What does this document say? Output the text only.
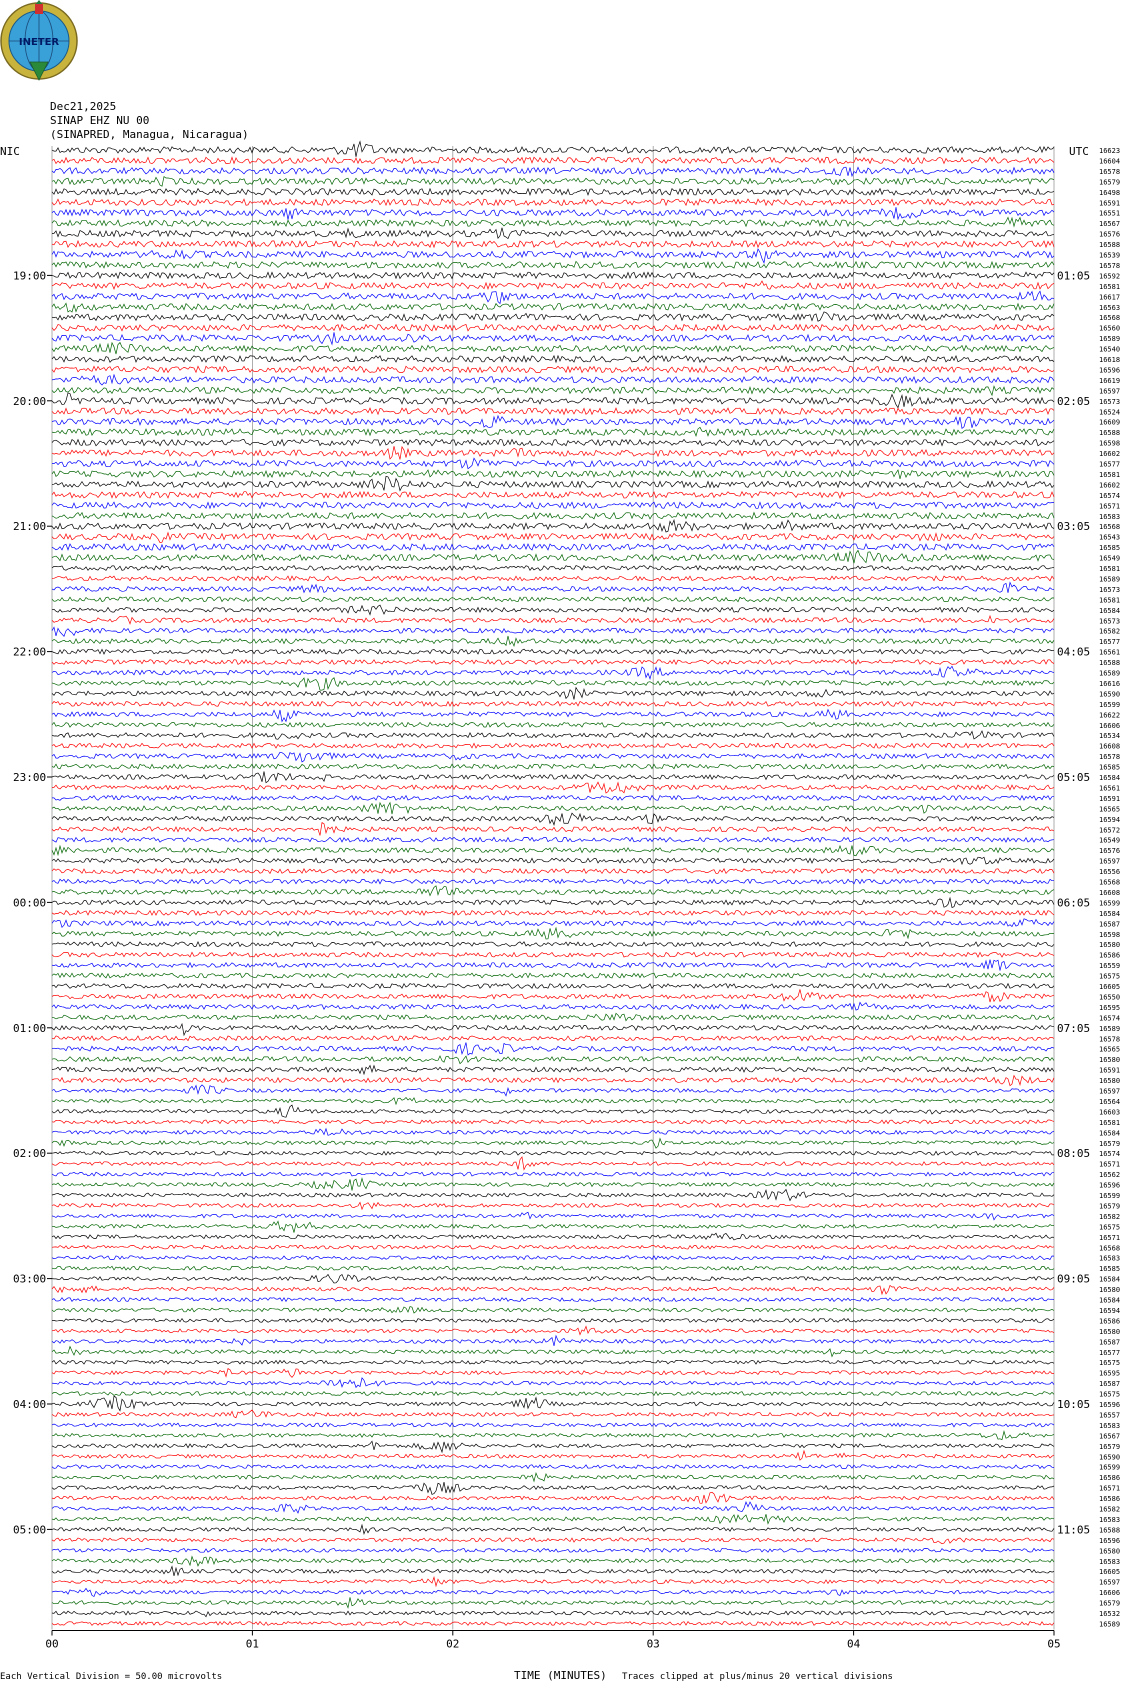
INETER
Dec21,2025
SINAP EHZ NU 00
(SINAPRED, Managua, Nicaragua)
NIC	UTC 16623
16604
16578
16579
16498
16591
16551
16567
16576
16588
16539
16578
16592
16581
16617
16563
16568
16560
16589
16540
16618
16596
16619
16597
16573
16524
16609
16588
16598
16602
16577
16581
16602
16574
16571
16583
16568
16543
16585
16549
16581
16589
16573
16581
16584
16573
16582
16577
16561
16588
16589
16616
16590
16599
16622
16606
16534
16608
16578
16585
16584
16561
16591
16565
16594
16572
16549
16576
16597
16556
16568
16608
16599
16584
16587
16598
16580
16586
16559
16575
16605
16550
16595
16574
16589
16578
16565
16580
16591
16580
16597
16564
16603
16581
16584
16579
16574
16571
16562
16596
16599
16579
16582
16575
16571
16568
16583
16585
16584
16580
16584
16594
16586
16580
16587
16577
16575
16595
16587
16575
16596
16557
16583
16567
16579
16590
16599
16586
16571
16586
16582
16583
16588
16596
16580
16583
16605
16597
16606
16579
16532
16589
19:00
20:00
21:00
22:00
23:00
00:00
01:00
02:00
03:00
04:00
05:00
01:05
02:05
03:05
04:05
05:05
06:05
07:05
08:05
09:05
10:05
11:05
00	01	02	03	04	05
TIME (MINUTES)
Each Vertical Division = 50.00 microvolts	Traces clipped at plus/minus 20 vertical divisions
